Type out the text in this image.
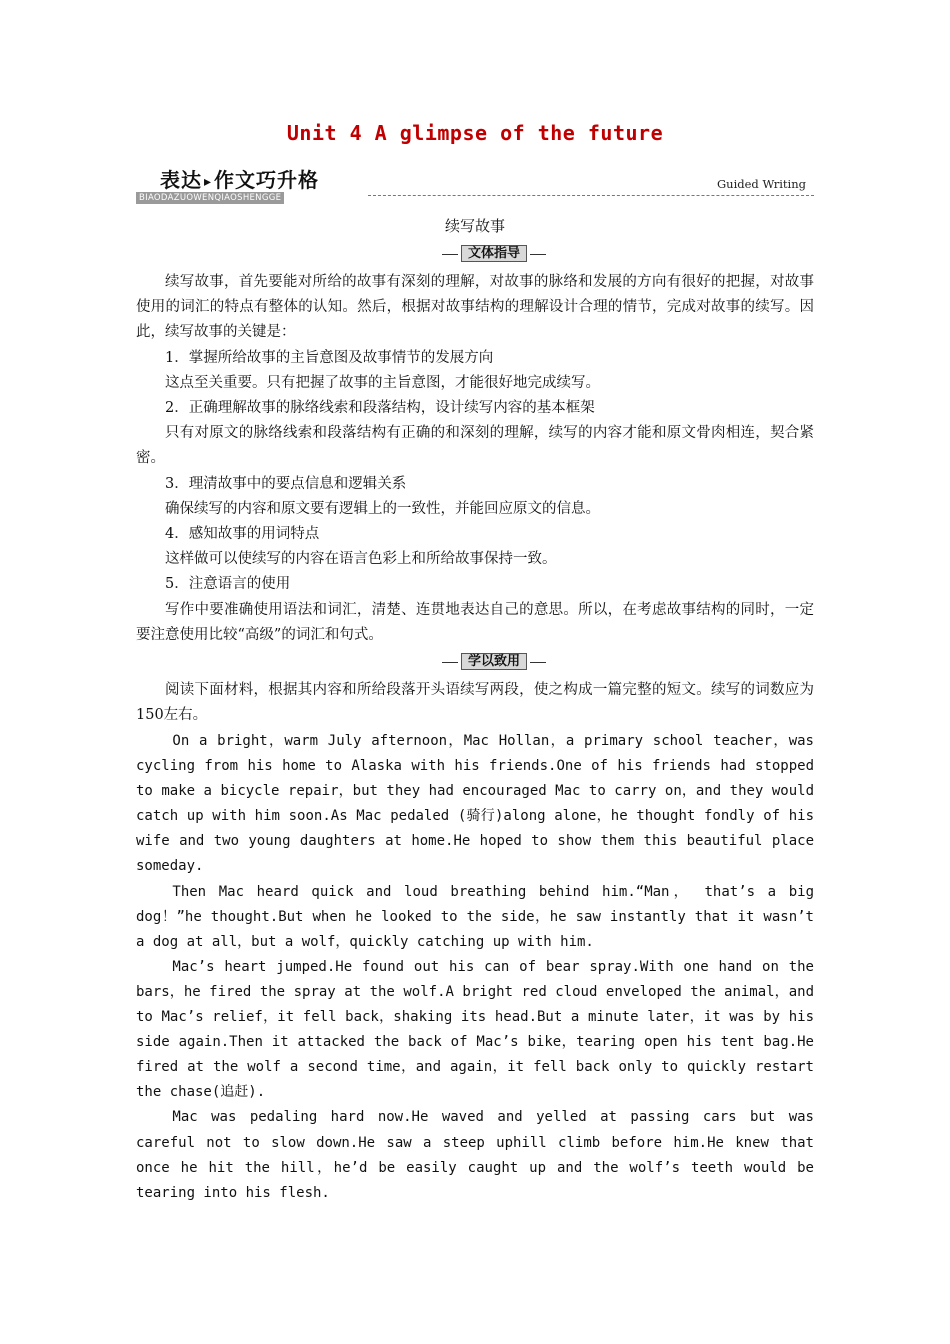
Unit 4 A glimpse of the future
表达 ▸ 作文巧升格
BIAODAZUOWENQIAOSHENGGE
Guided Writing
续写故事
文体指导

续写故事，首先要能对所给的故事有深刻的理解，对故事的脉络和发展的方向有很好的把握，对故事使用的词汇的特点有整体的认知。然后，根据对故事结构的理解设计合理的情节，完成对故事的续写。因此，续写故事的关键是：

1．掌握所给故事的主旨意图及故事情节的发展方向

这点至关重要。只有把握了故事的主旨意图，才能很好地完成续写。

2．正确理解故事的脉络线索和段落结构，设计续写内容的基本框架

只有对原文的脉络线索和段落结构有正确的和深刻的理解，续写的内容才能和原文骨肉相连，契合紧密。

3．理清故事中的要点信息和逻辑关系

确保续写的内容和原文要有逻辑上的一致性，并能回应原文的信息。

4．感知故事的用词特点

这样做可以使续写的内容在语言色彩上和所给故事保持一致。

5．注意语言的使用

写作中要准确使用语法和词汇，清楚、连贯地表达自己的意思。所以，在考虑故事结构的同时，一定要注意使用比较“高级”的词汇和句式。

学以致用

阅读下面材料，根据其内容和所给段落开头语续写两段，使之构成一篇完整的短文。续写的词数应为150左右。

On a bright，warm July afternoon，Mac Hollan，a primary school teacher，was cycling from his home to Alaska with his friends.One of his friends had stopped to make a bicycle repair，but they had encouraged Mac to carry on，and they would catch up with him soon.As Mac pedaled (骑行)along alone，he thought fondly of his wife and two young daughters at home.He hoped to show them this beautiful place someday.

Then Mac heard quick and loud breathing behind him.“Man， that’s a big dog！”he thought.But when he looked to the side，he saw instantly that it wasn’t a dog at all，but a wolf，quickly catching up with him.

Mac’s heart jumped.He found out his can of bear spray.With one hand on the bars，he fired the spray at the wolf.A bright red cloud enveloped the animal，and to Mac’s relief，it fell back，shaking its head.But a minute later，it was by his side again.Then it attacked the back of Mac’s bike，tearing open his tent bag.He fired at the wolf a second time，and again，it fell back only to quickly restart the chase(追赶).

Mac was pedaling hard now.He waved and yelled at passing cars but was careful not to slow down.He saw a steep uphill climb before him.He knew that once he hit the hill，he’d be easily caught up and the wolf’s teeth would be tearing into his flesh.
